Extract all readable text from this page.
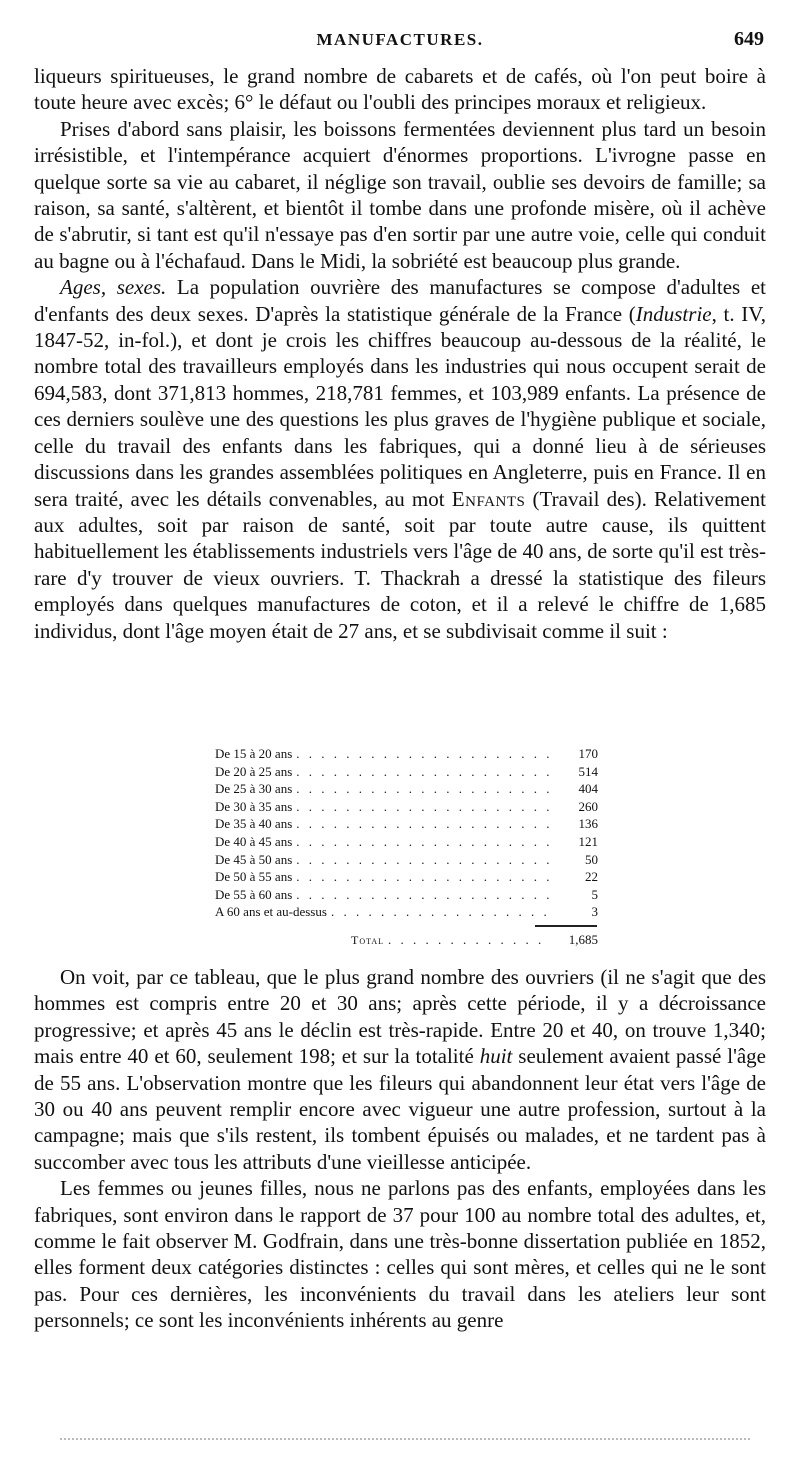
MANUFACTURES.	649

liqueurs spiritueuses, le grand nombre de cabarets et de cafés, où l'on peut boire à toute heure avec excès; 6° le défaut ou l'oubli des principes moraux et religieux.

Prises d'abord sans plaisir, les boissons fermentées deviennent plus tard un besoin irrésistible, et l'intempérance acquiert d'énormes proportions. L'ivrogne passe en quelque sorte sa vie au cabaret, il néglige son travail, oublie ses devoirs de famille; sa raison, sa santé, s'altèrent, et bientôt il tombe dans une profonde misère, où il achève de s'abrutir, si tant est qu'il n'essaye pas d'en sortir par une autre voie, celle qui conduit au bagne ou à l'échafaud. Dans le Midi, la sobriété est beaucoup plus grande.

Ages, sexes. La population ouvrière des manufactures se compose d'adultes et d'enfants des deux sexes. D'après la statistique générale de la France (Industrie, t. IV, 1847-52, in-fol.), et dont je crois les chiffres beaucoup au-dessous de la réalité, le nombre total des travailleurs employés dans les industries qui nous occupent serait de 694,583, dont 371,813 hommes, 218,781 femmes, et 103,989 enfants. La présence de ces derniers soulève une des questions les plus graves de l'hygiène publique et sociale, celle du travail des enfants dans les fabriques, qui a donné lieu à de sérieuses discussions dans les grandes assemblées politiques en Angleterre, puis en France. Il en sera traité, avec les détails convenables, au mot Enfants (Travail des). Relativement aux adultes, soit par raison de santé, soit par toute autre cause, ils quittent habituellement les établissements industriels vers l'âge de 40 ans, de sorte qu'il est très-rare d'y trouver de vieux ouvriers. T. Thackrah a dressé la statistique des fileurs employés dans quelques manufactures de coton, et il a relevé le chiffre de 1,685 individus, dont l'âge moyen était de 27 ans, et se subdivisait comme il suit :

De 15 à 20 ans . . .	170
De 20 à 25 ans . . .	514
De 25 à 30 ans . . .	404
De 30 à 35 ans . . .	260
De 35 à 40 ans . . .	136
De 40 à 45 ans . . .	121
De 45 à 50 ans . . .	50
De 50 à 55 ans . . .	22
De 55 à 60 ans . . .	5
A 60 ans et au-dessus . . .	3
Total . . .	1,685

On voit, par ce tableau, que le plus grand nombre des ouvriers (il ne s'agit que des hommes est compris entre 20 et 30 ans; après cette période, il y a décroissance progressive; et après 45 ans le déclin est très-rapide. Entre 20 et 40, on trouve 1,340; mais entre 40 et 60, seulement 198; et sur la totalité huit seulement avaient passé l'âge de 55 ans. L'observation montre que les fileurs qui abandonnent leur état vers l'âge de 30 ou 40 ans peuvent remplir encore avec vigueur une autre profession, surtout à la campagne; mais que s'ils restent, ils tombent épuisés ou malades, et ne tardent pas à succomber avec tous les attributs d'une vieillesse anticipée.

Les femmes ou jeunes filles, nous ne parlons pas des enfants, employées dans les fabriques, sont environ dans le rapport de 37 pour 100 au nombre total des adultes, et, comme le fait observer M. Godfrain, dans une très-bonne dissertation publiée en 1852, elles forment deux catégories distinctes : celles qui sont mères, et celles qui ne le sont pas. Pour ces dernières, les inconvénients du travail dans les ateliers leur sont personnels; ce sont les inconvénients inhérents au genre
